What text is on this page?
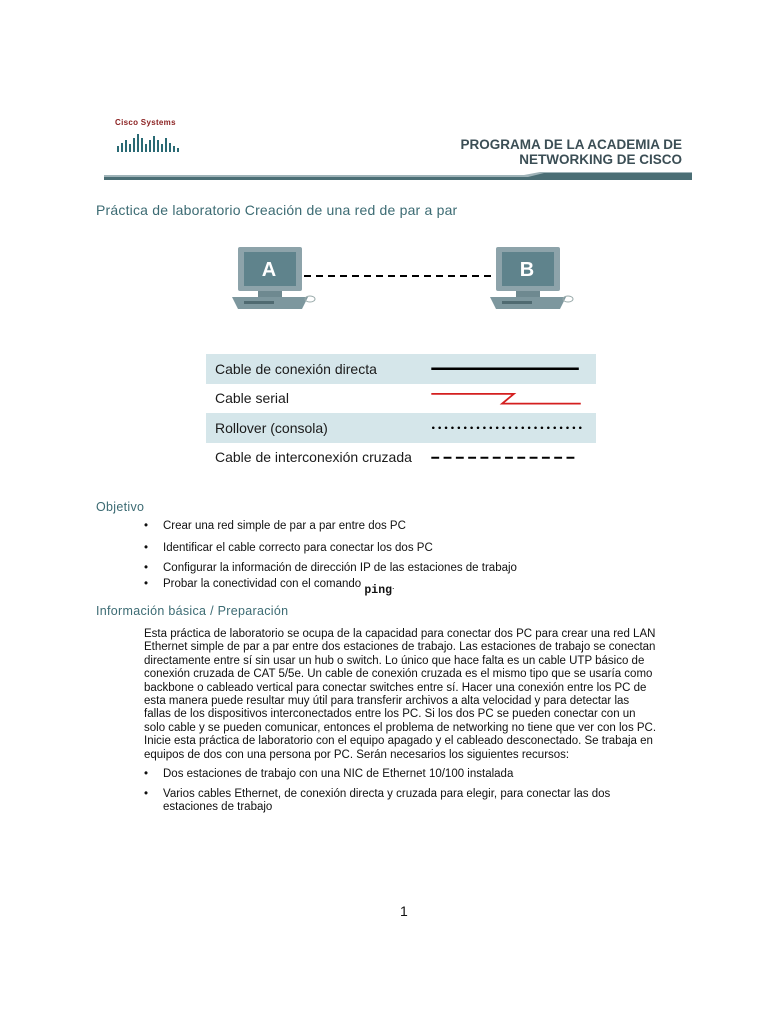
Cisco Systems
PROGRAMA DE LA ACADEMIA DE
NETWORKING DE CISCO
Práctica de laboratorio Creación de una red de par a par
A	B
Cable de conexión directa
Cable serial
Rollover (consola)
Cable de interconexión cruzada
Objetivo
• Crear una red simple de par a par entre dos PC
• Identificar el cable correcto para conectar los dos PC
• Configurar la información de dirección IP de las estaciones de trabajo
• Probar la conectividad con el comando ping.
Información básica / Preparación
Esta práctica de laboratorio se ocupa de la capacidad para conectar dos PC para crear una red LAN
Ethernet simple de par a par entre dos estaciones de trabajo. Las estaciones de trabajo se conectan
directamente entre sí sin usar un hub o switch. Lo único que hace falta es un cable UTP básico de
conexión cruzada de CAT 5/5e. Un cable de conexión cruzada es el mismo tipo que se usaría como
backbone o cableado vertical para conectar switches entre sí. Hacer una conexión entre los PC de
esta manera puede resultar muy útil para transferir archivos a alta velocidad y para detectar las
fallas de los dispositivos interconectados entre los PC. Si los dos PC se pueden conectar con un
solo cable y se pueden comunicar, entonces el problema de networking no tiene que ver con los PC.
Inicie esta práctica de laboratorio con el equipo apagado y el cableado desconectado. Se trabaja en
equipos de dos con una persona por PC. Serán necesarios los siguientes recursos:
• Dos estaciones de trabajo con una NIC de Ethernet 10/100 instalada
• Varios cables Ethernet, de conexión directa y cruzada para elegir, para conectar las dos
estaciones de trabajo
1
